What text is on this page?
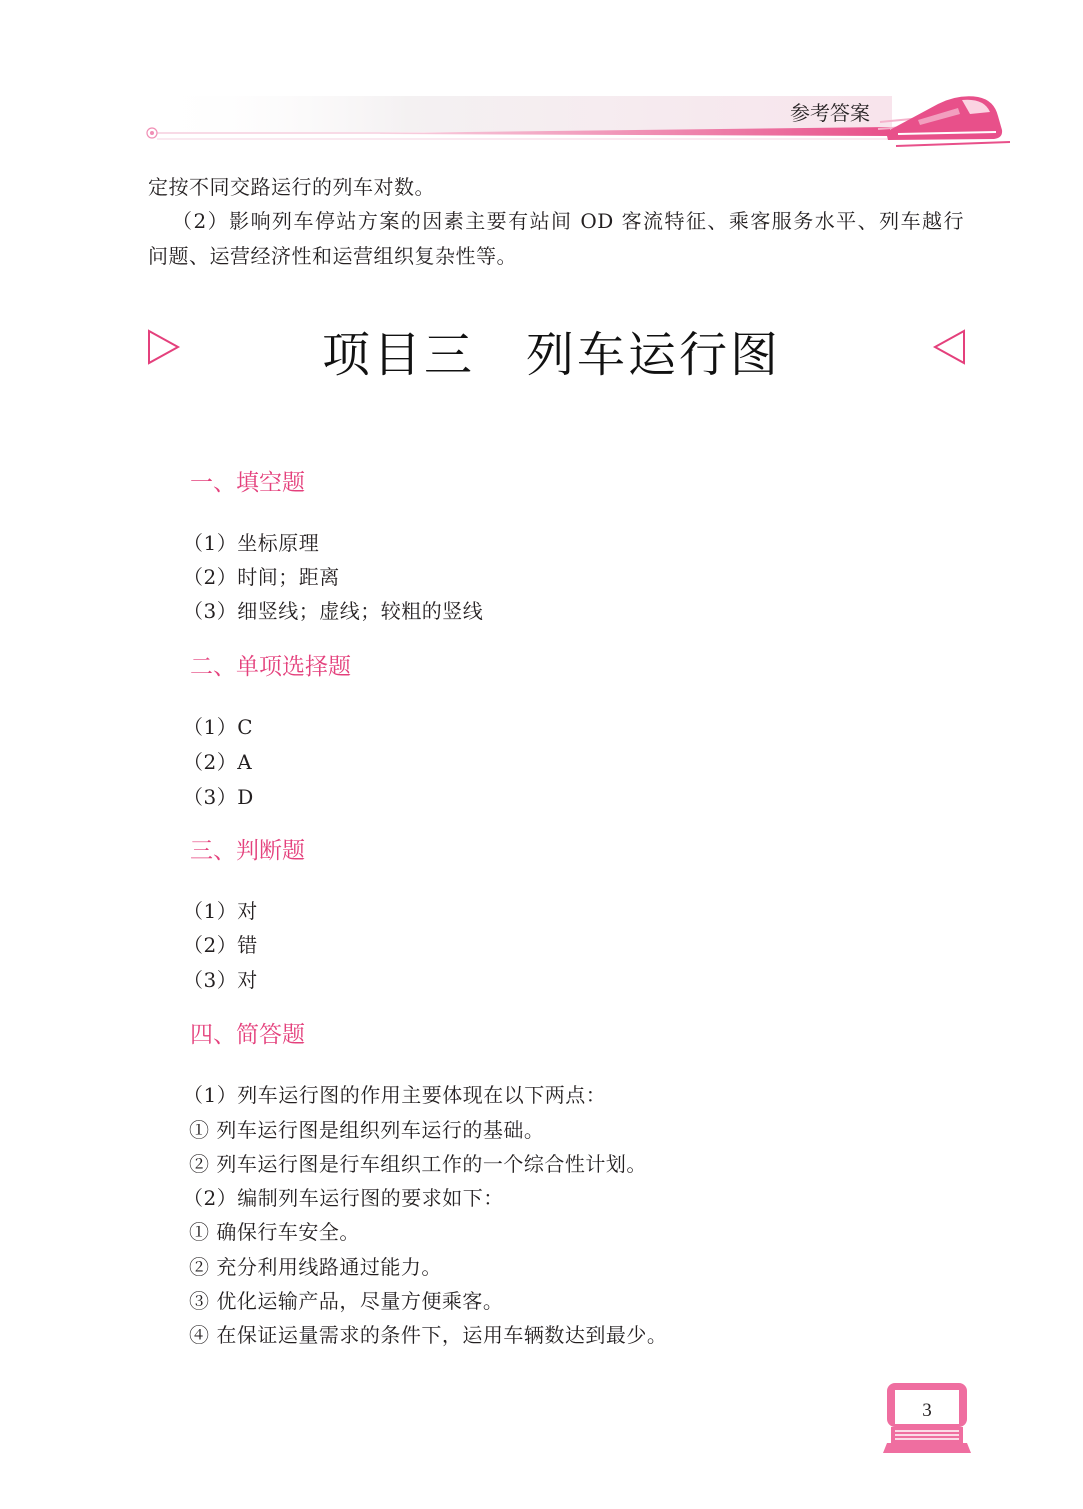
参考答案
定按不同交路运行的列车对数。
（2）影响列车停站方案的因素主要有站间 OD 客流特征、乘客服务水平、列车越行
问题、运营经济性和运营组织复杂性等。
项目三　列车运行图
一、填空题
（1）坐标原理
（2）时间；距离
（3）细竖线；虚线；较粗的竖线
二、单项选择题
（1）C
（2）A
（3）D
三、判断题
（1）对
（2）错
（3）对
四、简答题
（1）列车运行图的作用主要体现在以下两点：
① 列车运行图是组织列车运行的基础。
② 列车运行图是行车组织工作的一个综合性计划。
（2）编制列车运行图的要求如下：
① 确保行车安全。
② 充分利用线路通过能力。
③ 优化运输产品，尽量方便乘客。
④ 在保证运量需求的条件下，运用车辆数达到最少。
3
